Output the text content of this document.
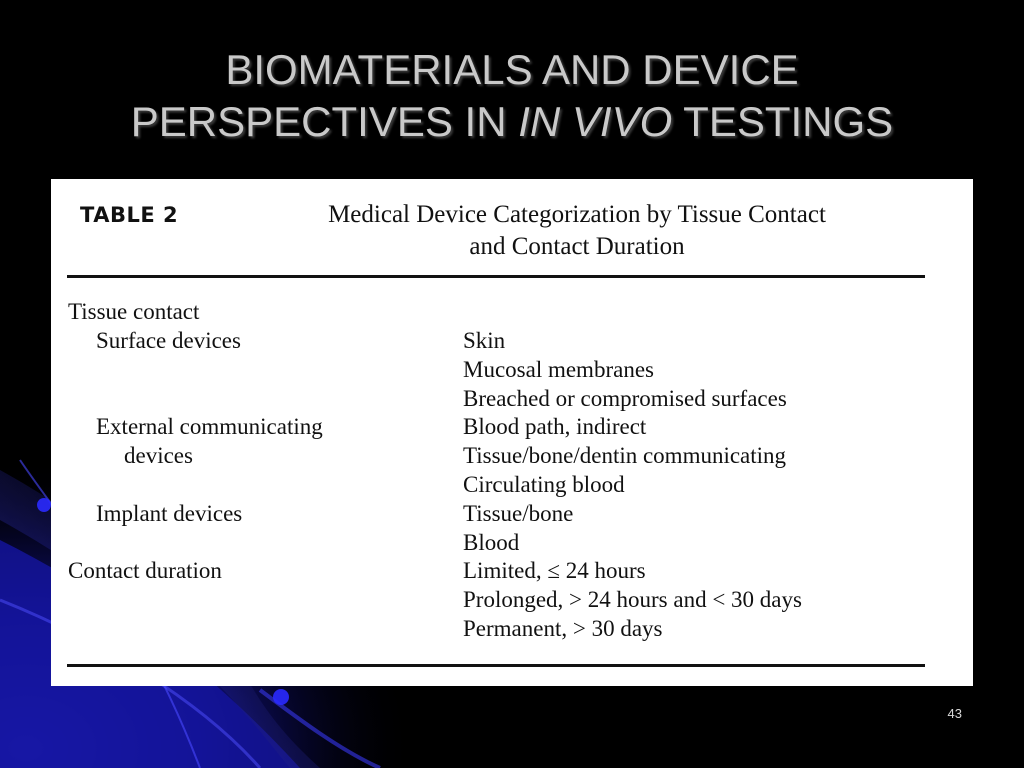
BIOMATERIALS AND DEVICE
PERSPECTIVES IN IN VIVO TESTINGS
TABLE 2	Medical Device Categorization by Tissue Contact
and Contact Duration
Tissue contact
Surface devices
External communicating
devices
Implant devices
Contact duration
Skin
Mucosal membranes
Breached or compromised surfaces
Blood path, indirect
Tissue/bone/dentin communicating
Circulating blood
Tissue/bone
Blood
Limited, ≤ 24 hours
Prolonged, > 24 hours and < 30 days
Permanent, > 30 days
43
